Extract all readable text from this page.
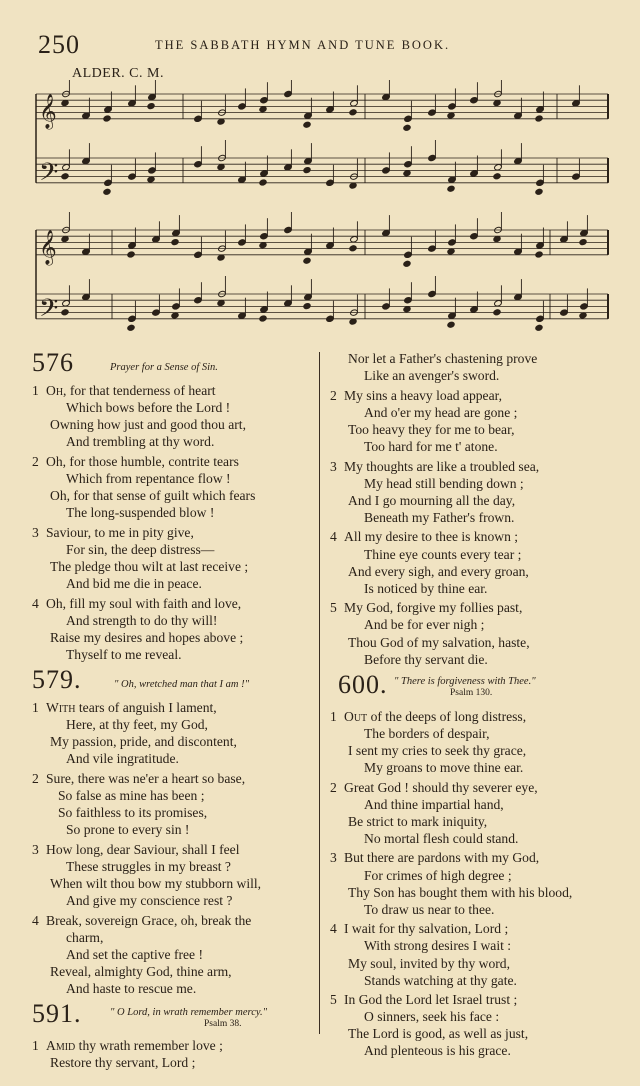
250	THE SABBATH HYMN AND TUNE BOOK.
ALDER. C. M.
𝄞
𝄢
𝄞
𝄢
576	Prayer for a Sense of Sin.
1 Oh, for that tenderness of heart
Which bows before the Lord !
Owning how just and good thou art,
And trembling at thy word.
2 Oh, for those humble, contrite tears
Which from repentance flow !
Oh, for that sense of guilt which fears
The long-suspended blow !
3 Saviour, to me in pity give,
For sin, the deep distress—
The pledge thou wilt at last receive ;
And bid me die in peace.
4 Oh, fill my soul with faith and love,
And strength to do thy will!
Raise my desires and hopes above ;
Thyself to me reveal.
579.	" Oh, wretched man that I am !"
1 With tears of anguish I lament,
Here, at thy feet, my God,
My passion, pride, and discontent,
And vile ingratitude.
2 Sure, there was ne'er a heart so base,
So false as mine has been ;
So faithless to its promises,
So prone to every sin !
3 How long, dear Saviour, shall I feel
These struggles in my breast ?
When wilt thou bow my stubborn will,
And give my conscience rest ?
4 Break, sovereign Grace, oh, break the
charm,
And set the captive free !
Reveal, almighty God, thine arm,
And haste to rescue me.
591.	" O Lord, in wrath remember mercy."
Psalm 38.
1 Amid thy wrath remember love ;
Restore thy servant, Lord ;
Nor let a Father's chastening prove
Like an avenger's sword.
2 My sins a heavy load appear,
And o'er my head are gone ;
Too heavy they for me to bear,
Too hard for me t' atone.
3 My thoughts are like a troubled sea,
My head still bending down ;
And I go mourning all the day,
Beneath my Father's frown.
4 All my desire to thee is known ;
Thine eye counts every tear ;
And every sigh, and every groan,
Is noticed by thine ear.
5 My God, forgive my follies past,
And be for ever nigh ;
Thou God of my salvation, haste,
Before thy servant die.
600. " There is forgiveness with Thee."
Psalm 130.
1 Out of the deeps of long distress,
The borders of despair,
I sent my cries to seek thy grace,
My groans to move thine ear.
2 Great God ! should thy severer eye,
And thine impartial hand,
Be strict to mark iniquity,
No mortal flesh could stand.
3 But there are pardons with my God,
For crimes of high degree ;
Thy Son has bought them with his blood,
To draw us near to thee.
4 I wait for thy salvation, Lord ;
With strong desires I wait :
My soul, invited by thy word,
Stands watching at thy gate.
5 In God the Lord let Israel trust ;
O sinners, seek his face :
The Lord is good, as well as just,
And plenteous is his grace.
